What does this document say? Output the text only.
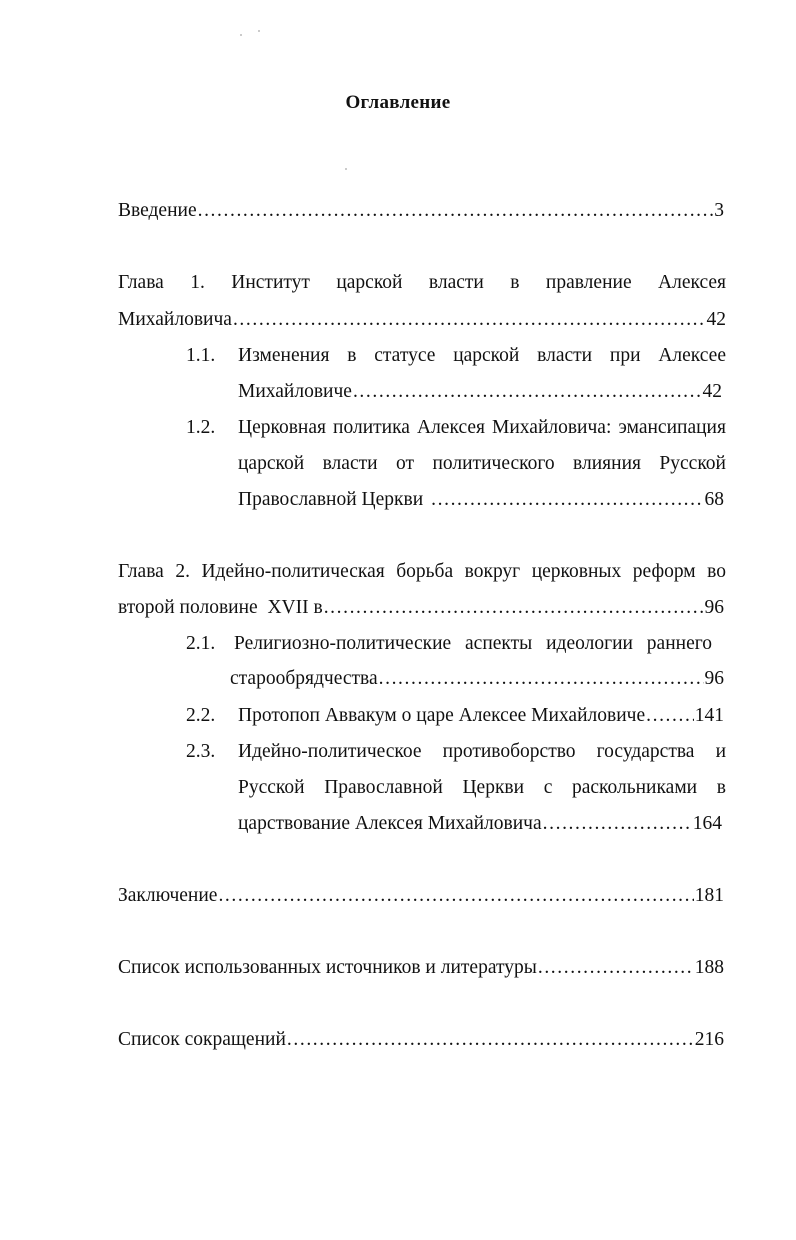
Оглавление
Введение .....	3
Глава 1. Институт царской власти в правление Алексея
Михайловича .....	42
1.1. Изменения в статусе царской власти при Алексее
Михайловиче .....	42
1.2. Церковная политика Алексея Михайловича: эмансипация
царской власти от политического влияния Русской
Православной Церкви .....	68
Глава 2. Идейно-политическая борьба вокруг церковных реформ во
второй половине  XVII в .....	96
2.1. Религиозно-политические аспекты идеологии раннего
старообрядчества .....	96
2.2. Протопоп Аввакум о царе Алексее Михайловиче .....	141
2.3. Идейно-политическое противоборство государства и
Русской Православной Церкви с раскольниками в
царствование Алексея Михайловича .....	164
Заключение .....	181
Список использованных источников и литературы .....	188
Список сокращений .....	216
